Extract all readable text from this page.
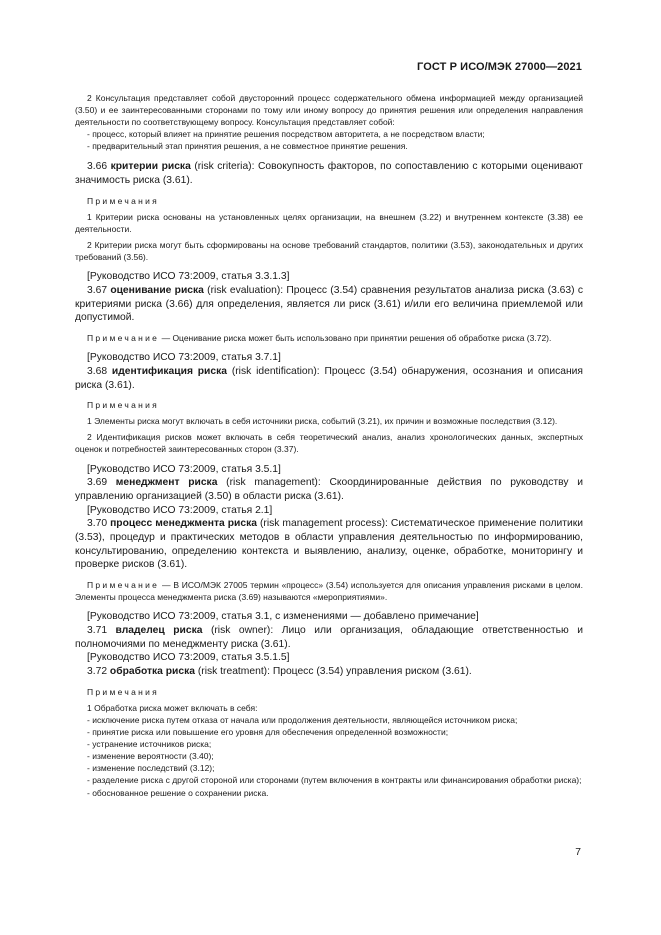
ГОСТ Р ИСО/МЭК 27000—2021

2 Консультация представляет собой двусторонний процесс содержательного обмена информацией между организацией (3.50) и ее заинтересованными сторонами по тому или иному вопросу до принятия решения или определения направления деятельности по соответствующему вопросу. Консультация представляет собой:

- процесс, который влияет на принятие решения посредством авторитета, а не посредством власти;

- предварительный этап принятия решения, а не совместное принятие решения.

3.66 критерии риска (risk criteria): Совокупность факторов, по сопоставлению с которыми оценивают значимость риска (3.61).

Примечания

1 Критерии риска основаны на установленных целях организации, на внешнем (3.22) и внутреннем контексте (3.38) ее деятельности.

2 Критерии риска могут быть сформированы на основе требований стандартов, политики (3.53), законодательных и других требований (3.56).

[Руководство ИСО 73:2009, статья 3.3.1.3]

3.67 оценивание риска (risk evaluation): Процесс (3.54) сравнения результатов анализа риска (3.63) с критериями риска (3.66) для определения, является ли риск (3.61) и/или его величина приемлемой или допустимой.

Примечание — Оценивание риска может быть использовано при принятии решения об обработке риска (3.72).

[Руководство ИСО 73:2009, статья 3.7.1]

3.68 идентификация риска (risk identification): Процесс (3.54) обнаружения, осознания и описания риска (3.61).

Примечания

1 Элементы риска могут включать в себя источники риска, событий (3.21), их причин и возможные последствия (3.12).

2 Идентификация рисков может включать в себя теоретический анализ, анализ хронологических данных, экспертных оценок и потребностей заинтересованных сторон (3.37).

[Руководство ИСО 73:2009, статья 3.5.1]

3.69 менеджмент риска (risk management): Скоординированные действия по руководству и управлению организацией (3.50) в области риска (3.61).

[Руководство ИСО 73:2009, статья 2.1]

3.70 процесс менеджмента риска (risk management process): Систематическое применение политики (3.53), процедур и практических методов в области управления деятельностью по информированию, консультированию, определению контекста и выявлению, анализу, оценке, обработке, мониторингу и проверке рисков (3.61).

Примечание — В ИСО/МЭК 27005 термин «процесс» (3.54) используется для описания управления рисками в целом. Элементы процесса менеджмента риска (3.69) называются «мероприятиями».

[Руководство ИСО 73:2009, статья 3.1, с изменениями — добавлено примечание]

3.71 владелец риска (risk owner): Лицо или организация, обладающие ответственностью и полномочиями по менеджменту риска (3.61).

[Руководство ИСО 73:2009, статья 3.5.1.5]

3.72 обработка риска (risk treatment): Процесс (3.54) управления риском (3.61).

Примечания

1 Обработка риска может включать в себя:

- исключение риска путем отказа от начала или продолжения деятельности, являющейся источником риска;

- принятие риска или повышение его уровня для обеспечения определенной возможности;

- устранение источников риска;

- изменение вероятности (3.40);

- изменение последствий (3.12);

- разделение риска с другой стороной или сторонами (путем включения в контракты или финансирования обработки риска);

- обоснованное решение о сохранении риска.

7
